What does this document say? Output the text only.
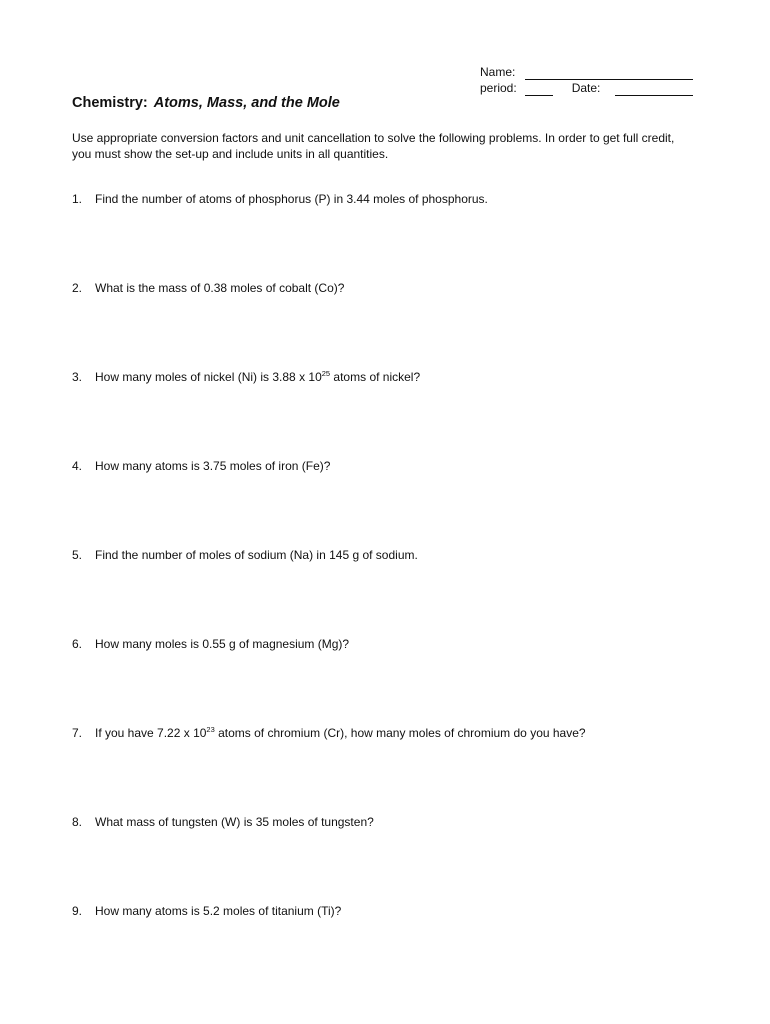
Name:
period:	Date:
Chemistry: Atoms, Mass, and the Mole
Use appropriate conversion factors and unit cancellation to solve the following problems. In order to get full credit, you must show the set-up and include units in all quantities.
1. Find the number of atoms of phosphorus (P) in 3.44 moles of phosphorus.
2. What is the mass of 0.38 moles of cobalt (Co)?
3. How many moles of nickel (Ni) is 3.88 x $10^{25}$ atoms of nickel?
4. How many atoms is 3.75 moles of iron (Fe)?
5. Find the number of moles of sodium (Na) in 145 g of sodium.
6. How many moles is 0.55 g of magnesium (Mg)?
7. If you have 7.22 x $10^{23}$ atoms of chromium (Cr), how many moles of chromium do you have?
8. What mass of tungsten (W) is 35 moles of tungsten?
9. How many atoms is 5.2 moles of titanium (Ti)?
